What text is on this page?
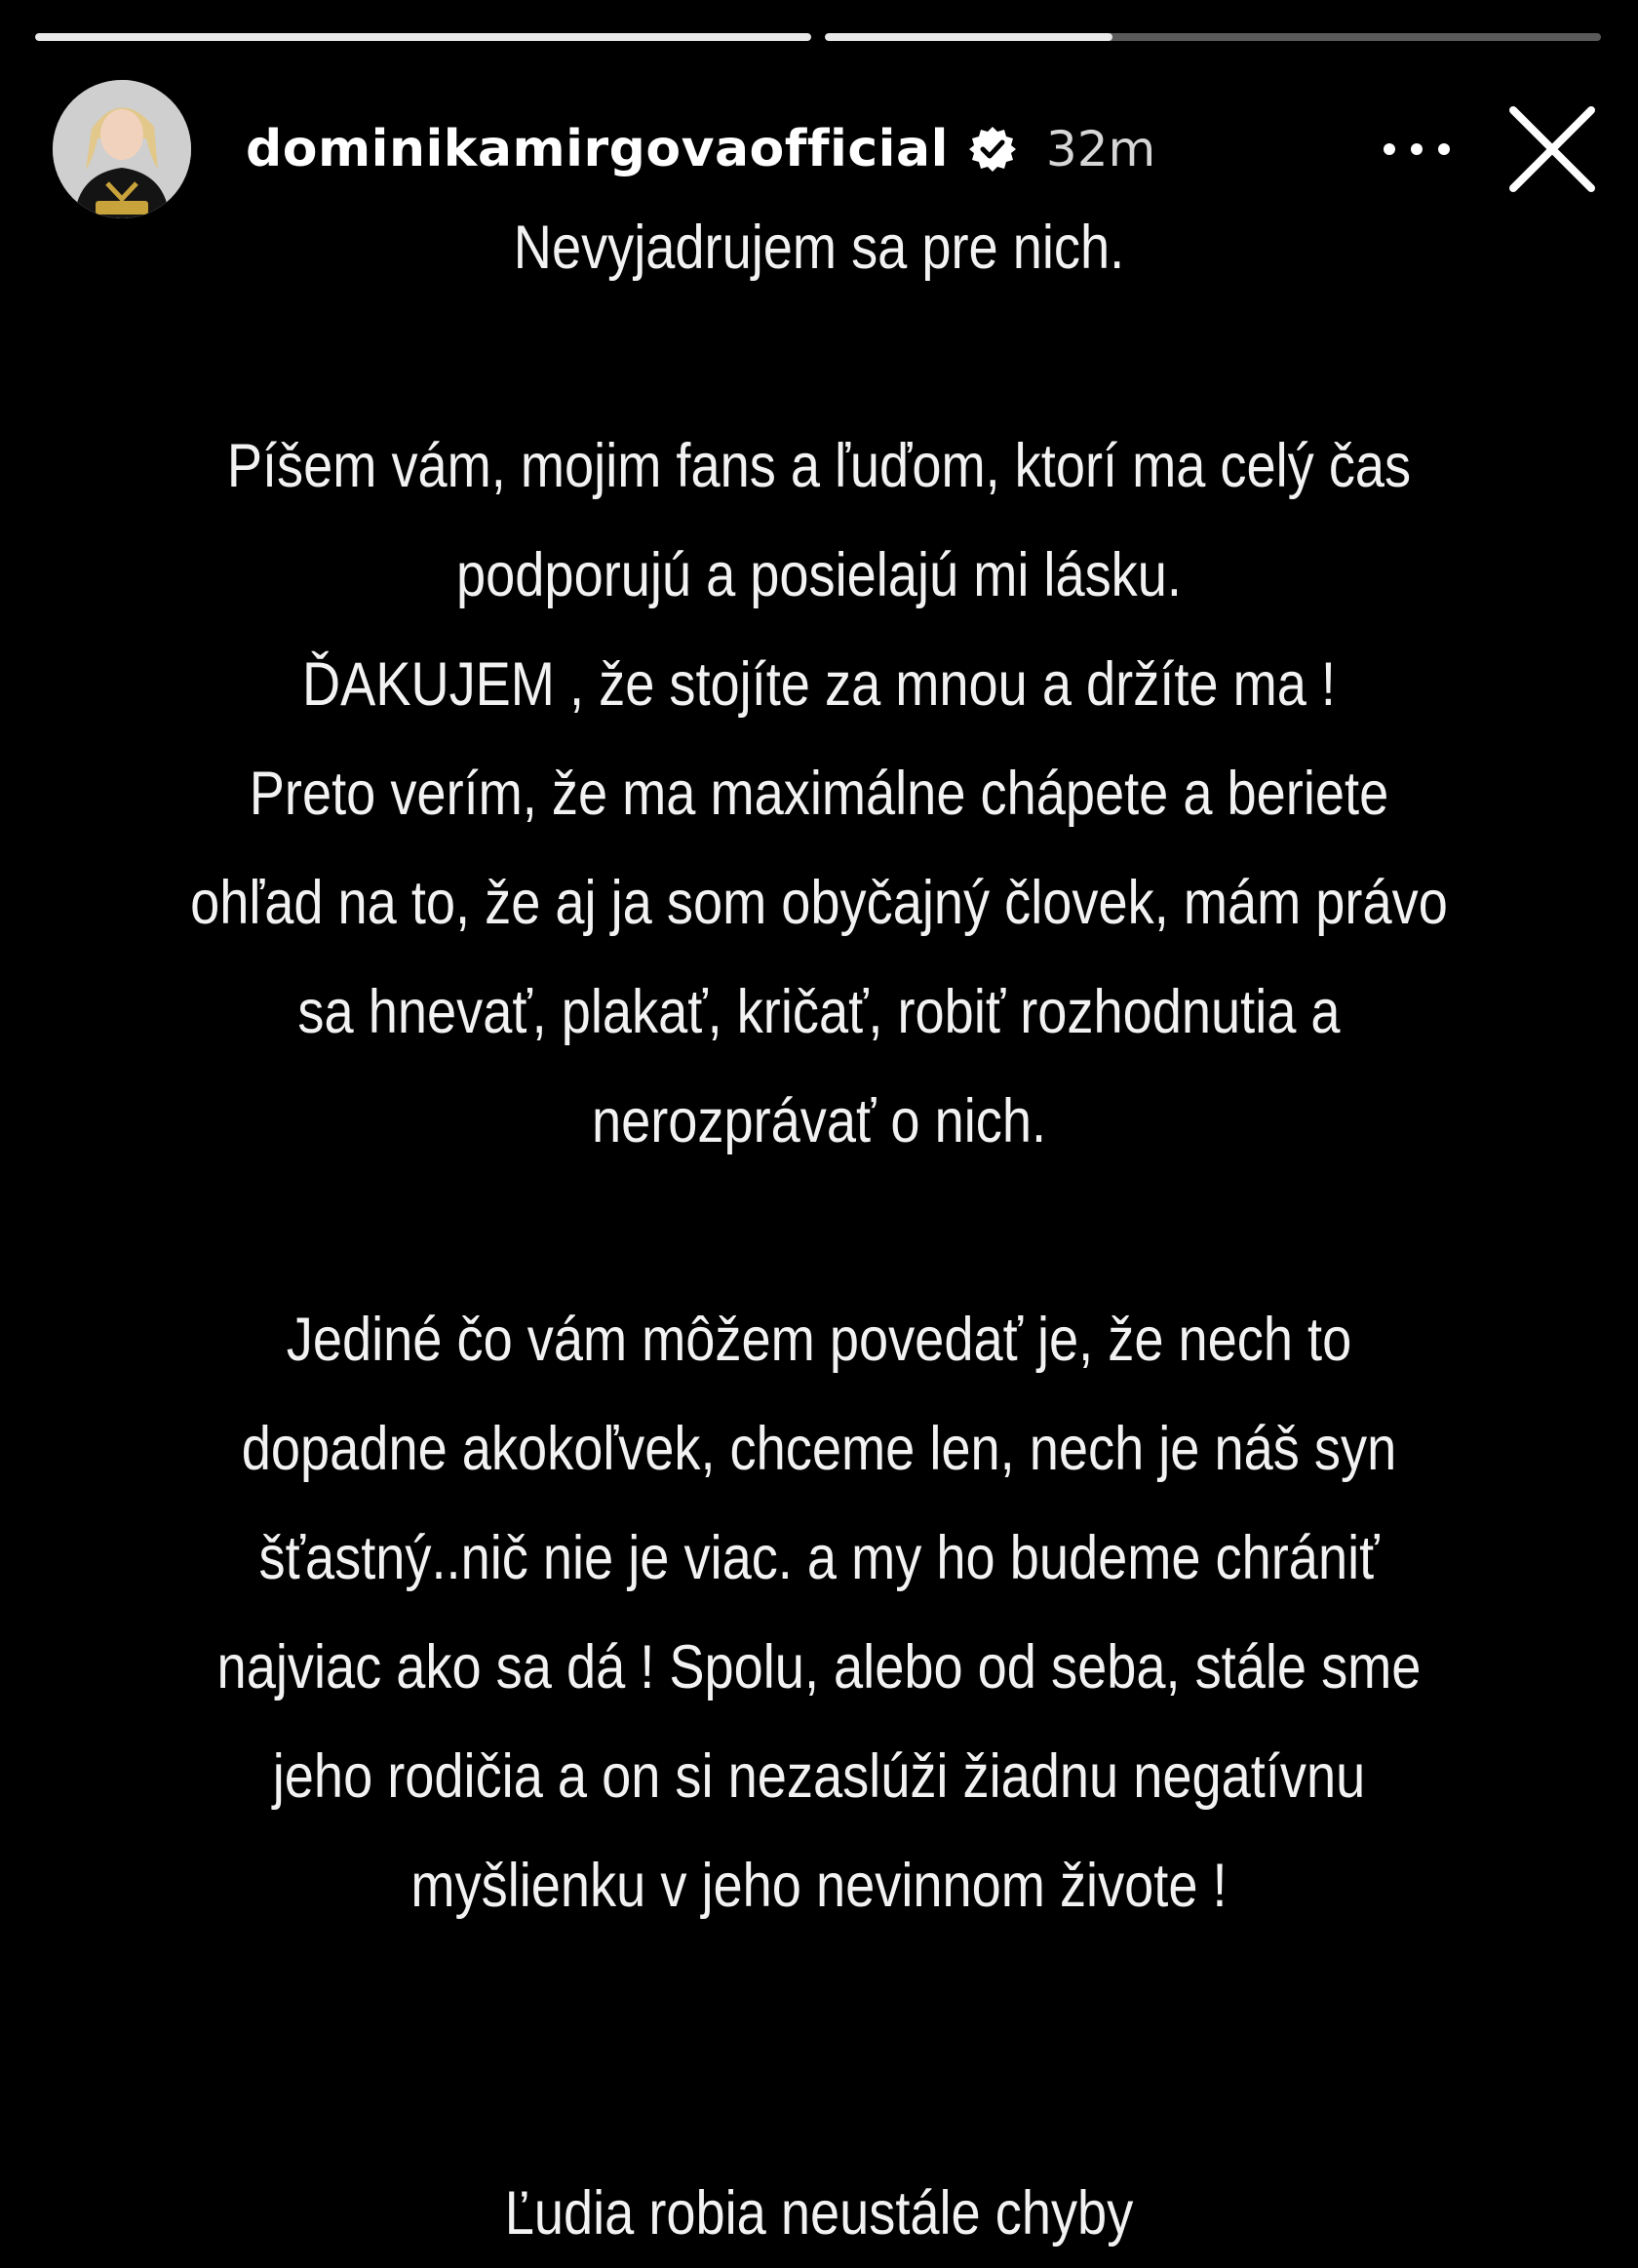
dominikamirgovaofficial 32m
Nevyjadrujem sa pre nich.
Píšem vám, mojim fans a ľuďom, ktorí ma celý čas
podporujú a posielajú mi lásku.
ĎAKUJEM , že stojíte za mnou a držíte ma !
Preto verím, že ma maximálne chápete a beriete
ohľad na to, že aj ja som obyčajný človek, mám právo
sa hnevať, plakať, kričať, robiť rozhodnutia a
nerozprávať o nich.
Jediné čo vám môžem povedať je, že nech to
dopadne akokoľvek, chceme len, nech je náš syn
šťastný..nič nie je viac. a my ho budeme chrániť
najviac ako sa dá ! Spolu, alebo od seba, stále sme
jeho rodičia a on si nezaslúži žiadnu negatívnu
myšlienku v jeho nevinnom živote !
Ľudia robia neustále chyby
